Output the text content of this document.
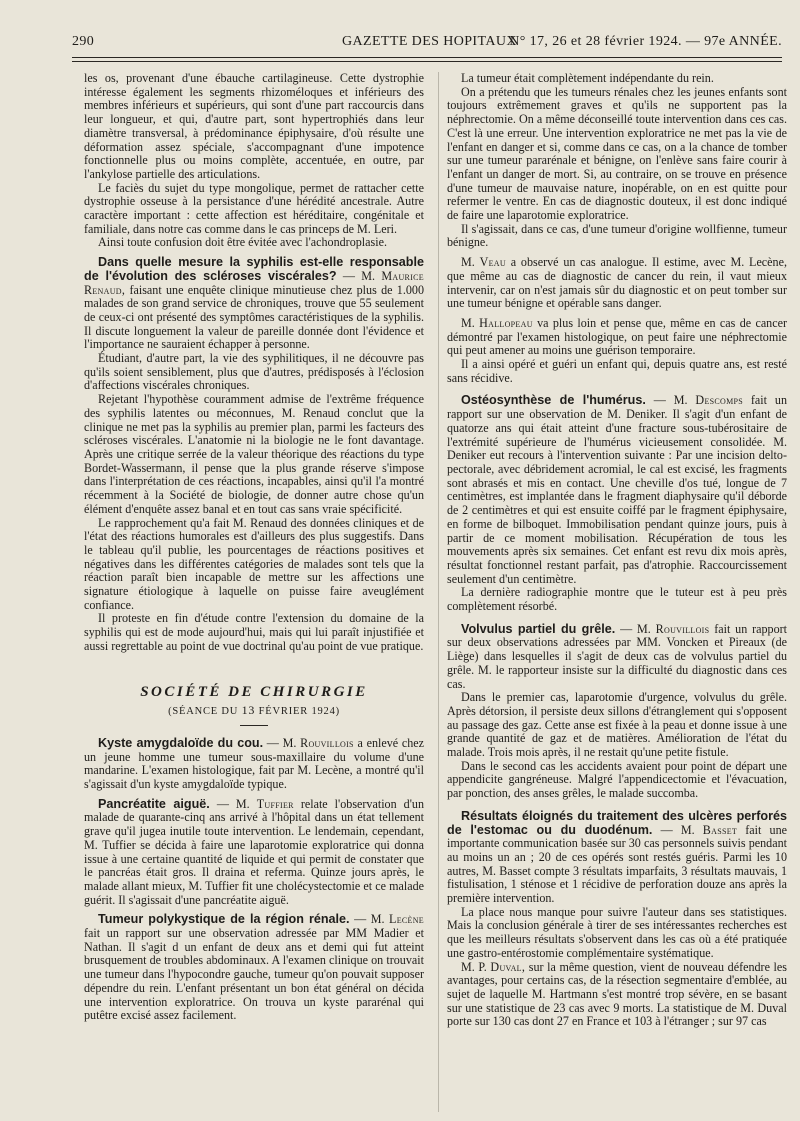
290	GAZETTE DES HOPITAUX
N° 17, 26 et 28 février 1924. — 97e ANNÉE.

les os, provenant d'une ébauche cartilagineuse. Cette dystrophie intéresse également les segments rhizoméloques et inférieurs des membres inférieurs et supérieurs, qui sont d'une part raccourcis dans leur longueur, et qui, d'autre part, sont hypertrophiés dans leur diamètre transversal, à prédominance épiphysaire, d'où résulte une déformation assez spéciale, s'accompagnant d'une impotence fonctionnelle plus ou moins complète, accentuée, en outre, par l'ankylose partielle des articulations.

Le faciès du sujet du type mongolique, permet de rattacher cette dystrophie osseuse à la persistance d'une hérédité ancestrale. Autre caractère important : cette affection est héréditaire, congénitale et familiale, dans notre cas comme dans le cas princeps de M. Leri.

Ainsi toute confusion doit être évitée avec l'achondroplasie.

Dans quelle mesure la syphilis est-elle responsable de l'évolution des scléroses viscérales? — M. Maurice Renaud, faisant une enquête clinique minutieuse chez plus de 1.000 malades de son grand service de chroniques, trouve que 55 seulement de ceux-ci ont présenté des symptômes caractéristiques de la syphilis. Il discute longuement la valeur de pareille donnée dont l'évidence et l'importance ne sauraient échapper à personne.

Étudiant, d'autre part, la vie des syphilitiques, il ne découvre pas qu'ils soient sensiblement, plus que d'autres, prédisposés à l'éclosion d'affections viscérales chroniques.

Rejetant l'hypothèse couramment admise de l'extrême fréquence des syphilis latentes ou méconnues, M. Renaud conclut que la clinique ne met pas la syphilis au premier plan, parmi les facteurs des scléroses viscérales. L'anatomie ni la biologie ne le font davantage. Après une critique serrée de la valeur théorique des réactions du type Bordet-Wassermann, il pense que la plus grande réserve s'impose dans l'interprétation de ces réactions, incapables, ainsi qu'il l'a montré récemment à la Société de biologie, de donner autre chose qu'un élément d'enquête assez banal et en tout cas sans vraie spécificité.

Le rapprochement qu'a fait M. Renaud des données cliniques et de l'état des réactions humorales est d'ailleurs des plus suggestifs. Dans le tableau qu'il publie, les pourcentages de réactions positives et négatives dans les différentes catégories de malades sont tels que la réaction paraît bien incapable de mettre sur les affections une signature étiologique à laquelle on puisse faire aveuglément confiance.

Il proteste en fin d'étude contre l'extension du domaine de la syphilis qui est de mode aujourd'hui, mais qui lui paraît injustifiée et aussi regrettable au point de vue doctrinal qu'au point de vue pratique.

SOCIÉTÉ DE CHIRURGIE
(SÉANCE DU 13 FÉVRIER 1924)

Kyste amygdaloïde du cou. — M. Rouvillois a enlevé chez un jeune homme une tumeur sous-maxillaire du volume d'une mandarine. L'examen histologique, fait par M. Lecène, a montré qu'il s'agissait d'un kyste amygdaloïde typique.

Pancréatite aiguë. — M. Tuffier relate l'observation d'un malade de quarante-cinq ans arrivé à l'hôpital dans un état tellement grave qu'il jugea inutile toute intervention. Le lendemain, cependant, M. Tuffier se décida à faire une laparotomie exploratrice qui donna issue à une certaine quantité de liquide et qui permit de constater que le pancréas était gros. Il draina et referma. Quinze jours après, le malade allant mieux, M. Tuffier fit une cholécystectomie et ce malade guérit. Il s'agissait d'une pancréatite aiguë.

Tumeur polykystique de la région rénale. — M. Lecène fait un rapport sur une observation adressée par MM Madier et Nathan. Il s'agit d un enfant de deux ans et demi qui fut atteint brusquement de troubles abdominaux. A l'examen clinique on trouvait une tumeur dans l'hypocondre gauche, tumeur qu'on pouvait supposer dépendre du rein. L'enfant présentant un bon état général on décida une intervention exploratrice. On trouva un kyste pararénal qui putêtre excisé assez facilement.

La tumeur était complètement indépendante du rein.

On a prétendu que les tumeurs rénales chez les jeunes enfants sont toujours extrêmement graves et qu'ils ne supportent pas la néphrectomie. On a même déconseillé toute intervention dans ces cas. C'est là une erreur. Une intervention exploratrice ne met pas la vie de l'enfant en danger et si, comme dans ce cas, on a la chance de tomber sur une tumeur pararénale et bénigne, on l'enlève sans faire courir à l'enfant un danger de mort. Si, au contraire, on se trouve en présence d'une tumeur de mauvaise nature, inopérable, on en est quitte pour refermer le ventre. En cas de diagnostic douteux, il est donc indiqué de faire une laparotomie exploratrice.

Il s'agissait, dans ce cas, d'une tumeur d'origine wollfienne, tumeur bénigne.

M. Veau a observé un cas analogue. Il estime, avec M. Lecène, que même au cas de diagnostic de cancer du rein, il vaut mieux intervenir, car on n'est jamais sûr du diagnostic et on peut tomber sur une tumeur bénigne et opérable sans danger.

M. Hallopeau va plus loin et pense que, même en cas de cancer démontré par l'examen histologique, on peut faire une néphrectomie qui peut amener au moins une guérison temporaire.

Il a ainsi opéré et guéri un enfant qui, depuis quatre ans, est resté sans récidive.

Ostéosynthèse de l'humérus. — M. Descomps fait un rapport sur une observation de M. Deniker. Il s'agit d'un enfant de quatorze ans qui était atteint d'une fracture sous-tubérositaire de l'extrémité supérieure de l'humérus vicieusement consolidée. M. Deniker eut recours à l'intervention suivante : Par une incision delto-pectorale, avec débridement acromial, le cal est excisé, les fragments sont abrasés et mis en contact. Une cheville d'os tué, longue de 7 centimètres, est implantée dans le fragment diaphysaire qu'il déborde de 2 centimètres et qui est ensuite coiffé par le fragment épiphysaire, en forme de bilboquet. Immobilisation pendant quinze jours, puis à partir de ce moment mobilisation. Récupération de tous les mouvements après six semaines. Cet enfant est revu dix mois après, résultat fonctionnel restant parfait, pas d'atrophie. Raccourcissement seulement d'un centimètre.

La dernière radiographie montre que le tuteur est à peu près complètement résorbé.

Volvulus partiel du grêle. — M. Rouvillois fait un rapport sur deux observations adressées par MM. Voncken et Pireaux (de Liège) dans lesquelles il s'agit de deux cas de volvulus partiel du grêle. M. le rapporteur insiste sur la difficulté du diagnostic dans ces cas.

Dans le premier cas, laparotomie d'urgence, volvulus du grêle. Après détorsion, il persiste deux sillons d'étranglement qui s'opposent au passage des gaz. Cette anse est fixée à la peau et donne issue à une grande quantité de gaz et de matières. Amélioration de l'état du malade. Trois mois après, il ne restait qu'une petite fistule.

Dans le second cas les accidents avaient pour point de départ une appendicite gangréneuse. Malgré l'appendicectomie et l'évacuation, par ponction, des anses grêles, le malade succomba.

Résultats éloignés du traitement des ulcères perforés de l'estomac ou du duodénum. — M. Basset fait une importante communication basée sur 30 cas personnels suivis pendant au moins un an ; 20 de ces opérés sont restés guéris. Parmi les 10 autres, M. Basset compte 3 résultats imparfaits, 3 résultats mauvais, 1 fistulisation, 1 sténose et 1 récidive de perforation douze ans après la première intervention.

La place nous manque pour suivre l'auteur dans ses statistiques. Mais la conclusion générale à tirer de ses intéressantes recherches est que les meilleurs résultats s'observent dans les cas où a été pratiquée une gastro-entérostomie complémentaire systématique.

M. P. Duval, sur la même question, vient de nouveau défendre les avantages, pour certains cas, de la résection segmentaire d'emblée, au sujet de laquelle M. Hartmann s'est montré trop sévère, en se basant sur une statistique de 23 cas avec 9 morts. La statistique de M. Duval porte sur 130 cas dont 27 en France et 103 à l'étranger ; sur 97 cas
